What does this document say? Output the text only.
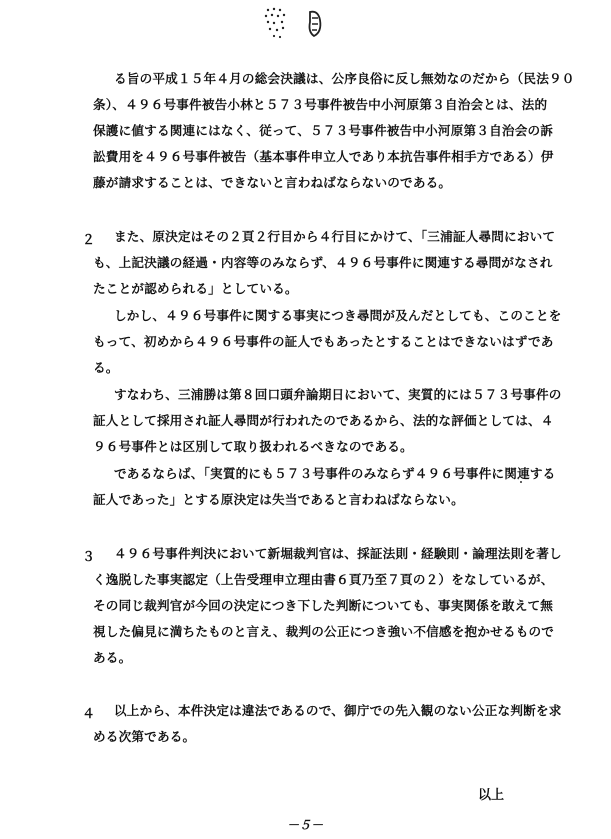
る旨の平成１５年４月の総会決議は、公序良俗に反し無効なのだから（民法９０
条）、４９６号事件被告小林と５７３号事件被告中小河原第３自治会とは、法的
保護に値する関連にはなく、従って、５７３号事件被告中小河原第３自治会の訴
訟費用を４９６号事件被告（基本事件申立人であり本抗告事件相手方である）伊
藤が請求することは、できないと言わねばならないのである。
２ また、原決定はその２頁２行目から４行目にかけて、「三浦証人尋問において
も、上記決議の経過・内容等のみならず、４９６号事件に関連する尋問がなされ
たことが認められる」としている。
しかし、４９６号事件に関する事実につき尋問が及んだとしても、このことを
もって、初めから４９６号事件の証人でもあったとすることはできないはずであ
る。
すなわち、三浦勝は第８回口頭弁論期日において、実質的には５７３号事件の
証人として採用され証人尋問が行われたのであるから、法的な評価としては、４
９６号事件とは区別して取り扱われるべきなのである。
であるならば、「実質的にも５７３号事件のみならず４９６号事件に関連する
証人であった」とする原決定は失当であると言わねばならない。
３ ４９６号事件判決において新堀裁判官は、採証法則・経験則・論理法則を著し
く逸脱した事実認定（上告受理申立理由書６頁乃至７頁の２）をなしているが、
その同じ裁判官が今回の決定につき下した判断についても、事実関係を敢えて無
視した偏見に満ちたものと言え、裁判の公正につき強い不信感を抱かせるもので
ある。
４ 以上から、本件決定は違法であるので、御庁での先入観のない公正な判断を求
める次第である。
以上
－５－
